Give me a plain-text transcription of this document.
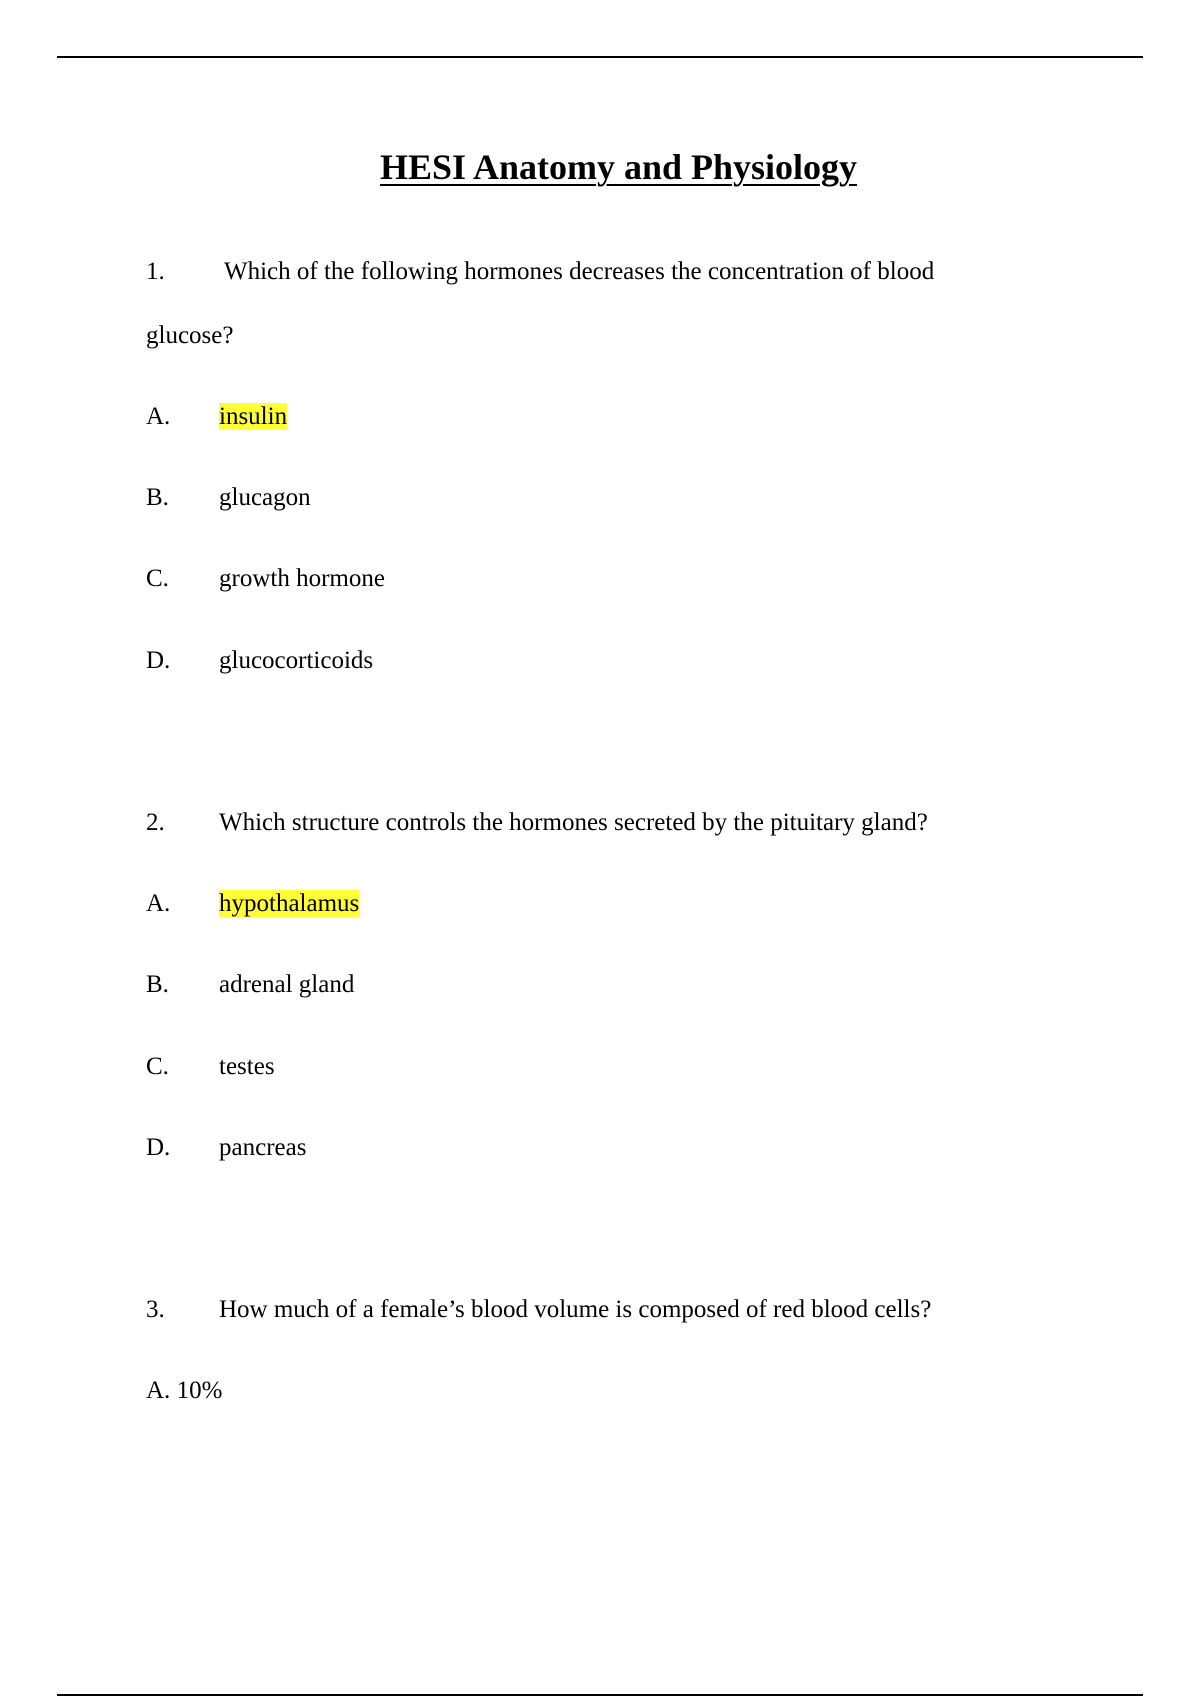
HESI Anatomy and Physiology
1. Which of the following hormones decreases the concentration of blood
glucose?
A. insulin
B. glucagon
C. growth hormone
D. glucocorticoids
2. Which structure controls the hormones secreted by the pituitary gland?
A. hypothalamus
B. adrenal gland
C. testes
D. pancreas
3. How much of a female’s blood volume is composed of red blood cells?
A. 10%
